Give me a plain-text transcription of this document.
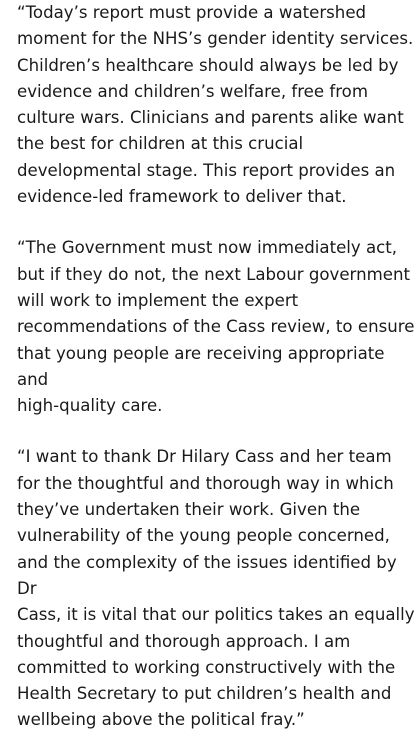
“Today’s report must provide a watershed
moment for the NHS’s gender identity services.
Children’s healthcare should always be led by
evidence and children’s welfare, free from
culture wars. Clinicians and parents alike want
the best for children at this crucial
developmental stage. This report provides an
evidence-led framework to deliver that.

“The Government must now immediately act,
but if they do not, the next Labour government
will work to implement the expert
recommendations of the Cass review, to ensure
that young people are receiving appropriate and
high-quality care.

“I want to thank Dr Hilary Cass and her team
for the thoughtful and thorough way in which
they’ve undertaken their work. Given the
vulnerability of the young people concerned,
and the complexity of the issues identified by Dr
Cass, it is vital that our politics takes an equally
thoughtful and thorough approach. I am
committed to working constructively with the
Health Secretary to put children’s health and
wellbeing above the political fray.”
